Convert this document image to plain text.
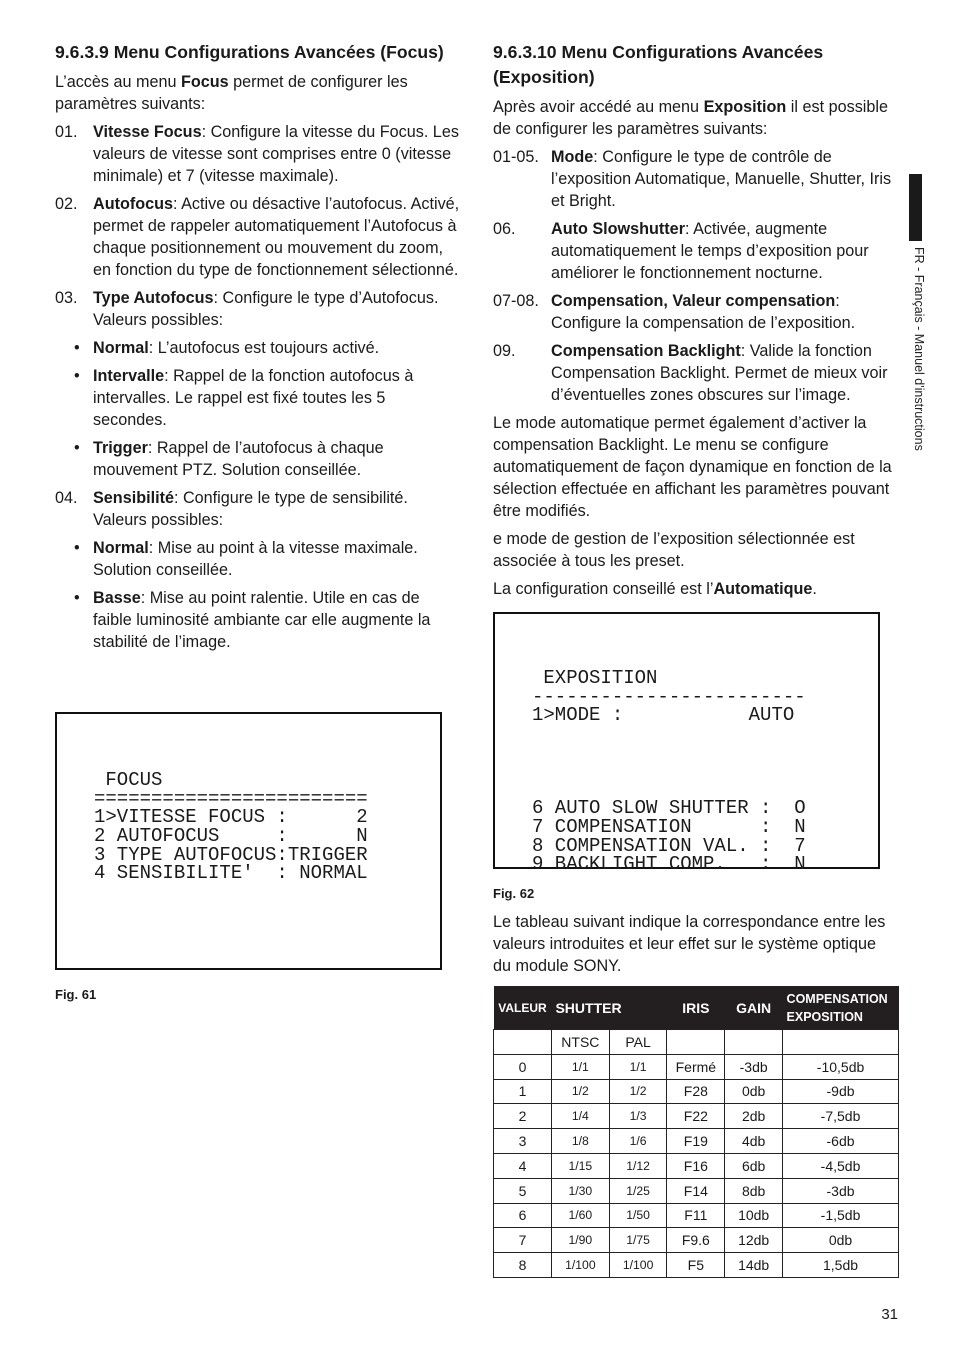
FR - Français - Manuel d'instructions
31
9.6.3.9 Menu Configurations Avancées (Focus)

L’accès au menu Focus permet de configurer les paramètres suivants:

01. Vitesse Focus: Configure la vitesse du Focus. Les valeurs de vitesse sont comprises entre 0 (vitesse minimale) et 7 (vitesse maximale).
02. Autofocus: Active ou désactive l’autofocus. Activé, permet de rappeler automatiquement l’Autofocus à chaque positionnement ou mouvement du zoom, en fonction du type de fonctionnement sélectionné.
03. Type Autofocus: Configure le type d’Autofocus. Valeurs possibles:
• Normal: L’autofocus est toujours activé.
• Intervalle: Rappel de la fonction autofocus à intervalles. Le rappel est fixé toutes les 5 secondes.
• Trigger: Rappel de l’autofocus à chaque mouvement PTZ. Solution conseillée.
04. Sensibilité: Configure le type de sensibilité. Valeurs possibles:
• Normal: Mise au point à la vitesse maximale. Solution conseillée.
• Basse: Mise au point ralentie. Utile en cas de faible luminosité ambiante car elle augmente la stabilité de l’image.

FOCUS
========================
1>VITESSE FOCUS :      2
2 AUTOFOCUS     :      N
3 TYPE AUTOFOCUS:TRIGGER
4 SENSIBILITE'  : NORMAL

Fig. 61
9.6.3.10 Menu Configurations Avancées (Exposition)

Après avoir accédé au menu Exposition il est possible de configurer les paramètres suivants:

01-05. Mode: Configure le type de contrôle de l’exposition Automatique, Manuelle, Shutter, Iris et Bright.
06.	Auto Slowshutter: Activée, augmente automatiquement le temps d’exposition pour améliorer le fonctionnement nocturne.
07-08. Compensation, Valeur compensation: Configure la compensation de l’exposition.
09.	Compensation Backlight: Valide la fonction Compensation Backlight. Permet de mieux voir d’éventuelles zones obscures sur l’image.

Le mode automatique permet également d’activer la compensation Backlight. Le menu se configure automatiquement de façon dynamique en fonction de la sélection effectuée en affichant les paramètres pouvant être modifiés.

e mode de gestion de l’exposition sélectionnée est associée à tous les preset.

La configuration conseillé est l’Automatique.

EXPOSITION
------------------------
1>MODE :           AUTO
6 AUTO SLOW SHUTTER :  O
7 COMPENSATION      :  N
8 COMPENSATION VAL. :  7
9 BACKLIGHT COMP.   :  N

Fig. 62

Le tableau suivant indique la correspondance entre les valeurs introduites et leur effet sur le système optique du module SONY.

VALEUR	SHUTTER		IRIS	GAIN	COMPENSATION EXPOSITION
	NTSC	PAL			
0	1/1	1/1	Fermé	-3db	-10,5db
1	1/2	1/2	F28	0db	-9db
2	1/4	1/3	F22	2db	-7,5db
3	1/8	1/6	F19	4db	-6db
4	1/15	1/12	F16	6db	-4,5db
5	1/30	1/25	F14	8db	-3db
6	1/60	1/50	F11	10db	-1,5db
7	1/90	1/75	F9.6	12db	0db
8	1/100	1/100	F5	14db	1,5db
